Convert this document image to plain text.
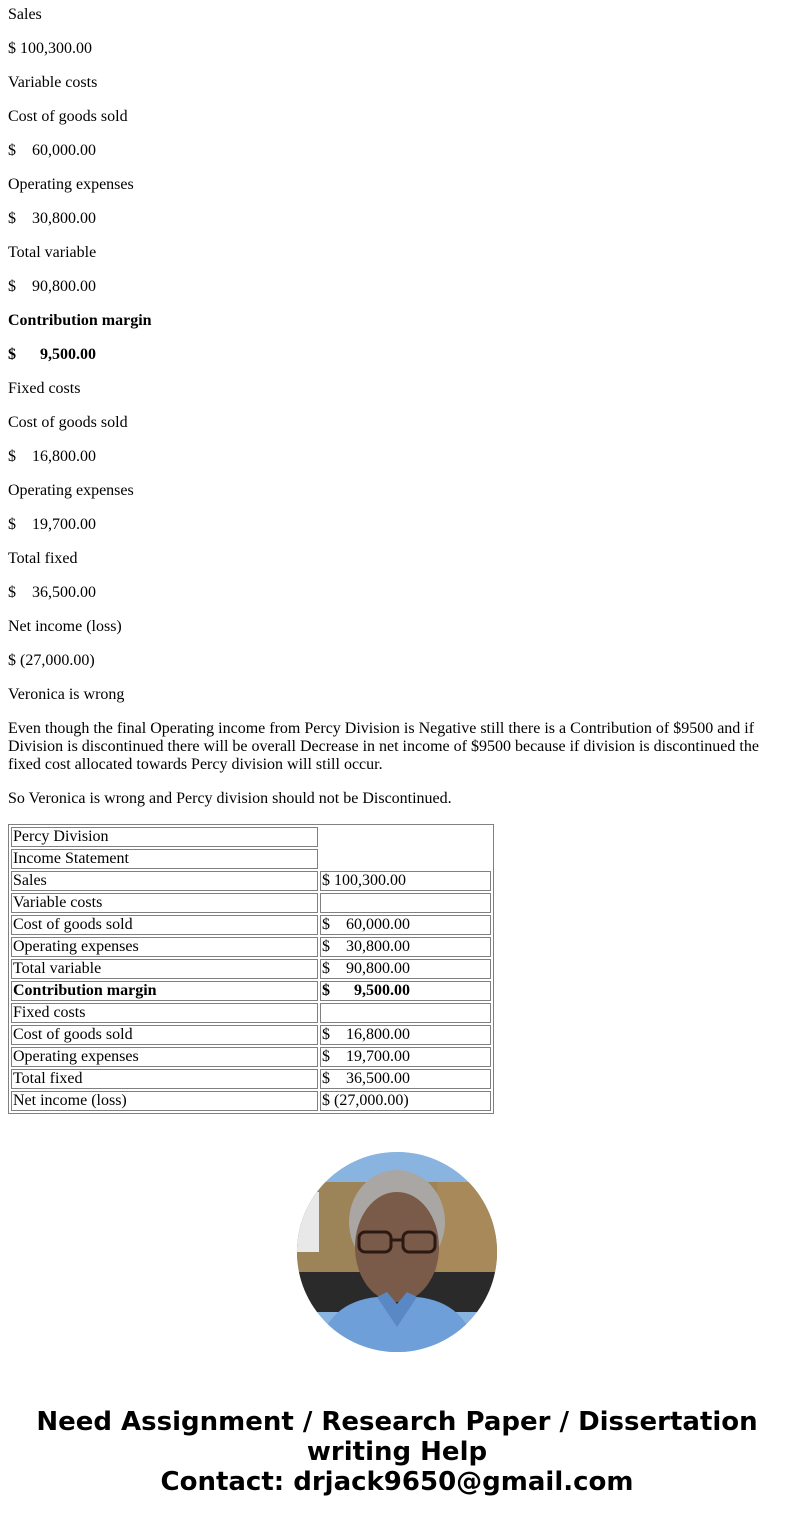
Sales

$ 100,300.00

Variable costs

Cost of goods sold

$    60,000.00

Operating expenses

$    30,800.00

Total variable

$    90,800.00

Contribution margin

$      9,500.00

Fixed costs

Cost of goods sold

$    16,800.00

Operating expenses

$    19,700.00

Total fixed

$    36,500.00

Net income (loss)

$ (27,000.00)

Veronica is wrong

Even though the final Operating income from Percy Division is Negative still there is a Contribution of $9500 and if Division is discontinued there will be overall Decrease in net income of $9500 because if division is discontinued the fixed cost allocated towards Percy division will still occur.

So Veronica is wrong and Percy division should not be Discontinued.

Percy Division	
Income Statement	
Sales	$ 100,300.00
Variable costs	
Cost of goods sold	$    60,000.00
Operating expenses	$    30,800.00
Total variable	$    90,800.00
Contribution margin	$      9,500.00
Fixed costs	
Cost of goods sold	$    16,800.00
Operating expenses	$    19,700.00
Total fixed	$    36,500.00
Net income (loss)	$ (27,000.00)
Need Assignment / Research Paper / Dissertation
writing Help
Contact: drjack9650@gmail.com
